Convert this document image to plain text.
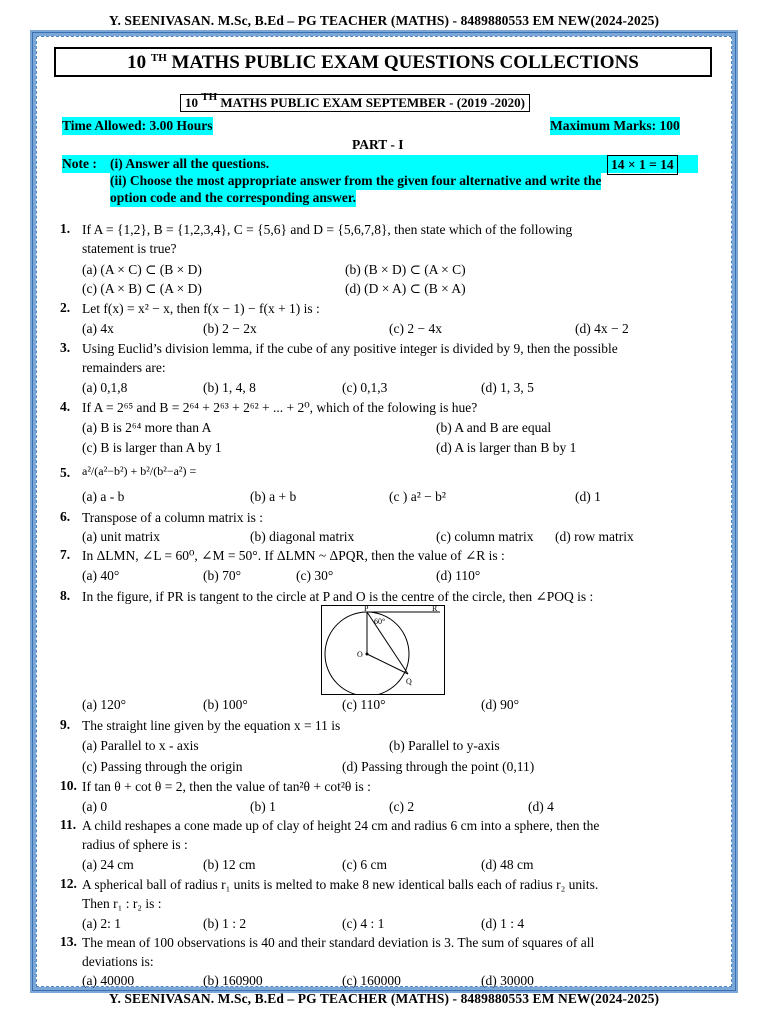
Y. SEENIVASAN. M.Sc, B.Ed – PG TEACHER (MATHS) - 8489880553 EM NEW(2024-2025)
Y. SEENIVASAN. M.Sc, B.Ed – PG TEACHER (MATHS) - 8489880553 EM NEW(2024-2025)
10 $^{TH}$ MATHS PUBLIC EXAM QUESTIONS COLLECTIONS
10 $^{TH}$ MATHS PUBLIC EXAM SEPTEMBER - (2019 -2020)
Time Allowed: 3.00 Hours	Maximum Marks: 100
PART - I
Note : (i) Answer all the questions.	14 × 1 = 14
(ii) Choose the most appropriate answer from the given four alternative and write the
option code and the corresponding answer.
1. If A = {1,2}, B = {1,2,3,4}, C = {5,6} and D = {5,6,7,8}, then state which of the following
statement is true?
(a) (A × C) ⊂ (B × D)	(b) (B × D) ⊂ (A × C)
(c) (A × B) ⊂ (A × D)	(d) (D × A) ⊂ (B × A)
2. Let f(x) = x² − x, then f(x − 1) − f(x + 1) is :
(a) 4x	(b) 2 − 2x	(c) 2 − 4x	(d) 4x − 2
3. Using Euclid’s division lemma, if the cube of any positive integer is divided by 9, then the possible
remainders are:
(a) 0,1,8	(b) 1, 4, 8	(c) 0,1,3	(d) 1, 3, 5
4. If A = 2⁶⁵ and B = 2⁶⁴ + 2⁶³ + 2⁶² + ... + 2⁰, which of the folowing is hue?
(a) B is 2⁶⁴ more than A	(b) A and B are equal
(c) B is larger than A by 1	(d) A is larger than B by 1
5. a²/(a²−b²) + b²/(b²−a²) =
(a) a - b	(b) a + b	(c ) a² − b²	(d) 1
6. Transpose of a column matrix is :
(a) unit matrix	(b) diagonal matrix	(c) column matrix (d) row matrix
7. In ΔLMN, ∠L = 60⁰, ∠M = 50°. If ΔLMN ~ ΔPQR, then the value of ∠R is :
(a) 40°	(b) 70°	(c) 30°	(d) 110°
8. In the figure, if PR is tangent to the circle at P and O is the centre of the circle, then ∠POQ is :
P	R
60°
O
Q
(a) 120°	(b) 100°	(c) 110°	(d) 90°
9. The straight line given by the equation x = 11 is
(a) Parallel to x - axis	(b) Parallel to y-axis
(c) Passing through the origin	(d) Passing through the point (0,11)
10. If tan θ + cot θ = 2, then the value of tan²θ + cot²θ is :
(a) 0	(b) 1	(c) 2	(d) 4
11. A child reshapes a cone made up of clay of height 24 cm and radius 6 cm into a sphere, then the
radius of sphere is :
(a) 24 cm	(b) 12 cm	(c) 6 cm	(d) 48 cm
12. A spherical ball of radius r₁ units is melted to make 8 new identical balls each of radius r₂ units.
Then r₁ : r₂ is :
(a) 2: 1	(b) 1 : 2	(c) 4 : 1	(d) 1 : 4
13. The mean of 100 observations is 40 and their standard deviation is 3. The sum of squares of all
deviations is:
(a) 40000	(b) 160900	(c) 160000	(d) 30000
